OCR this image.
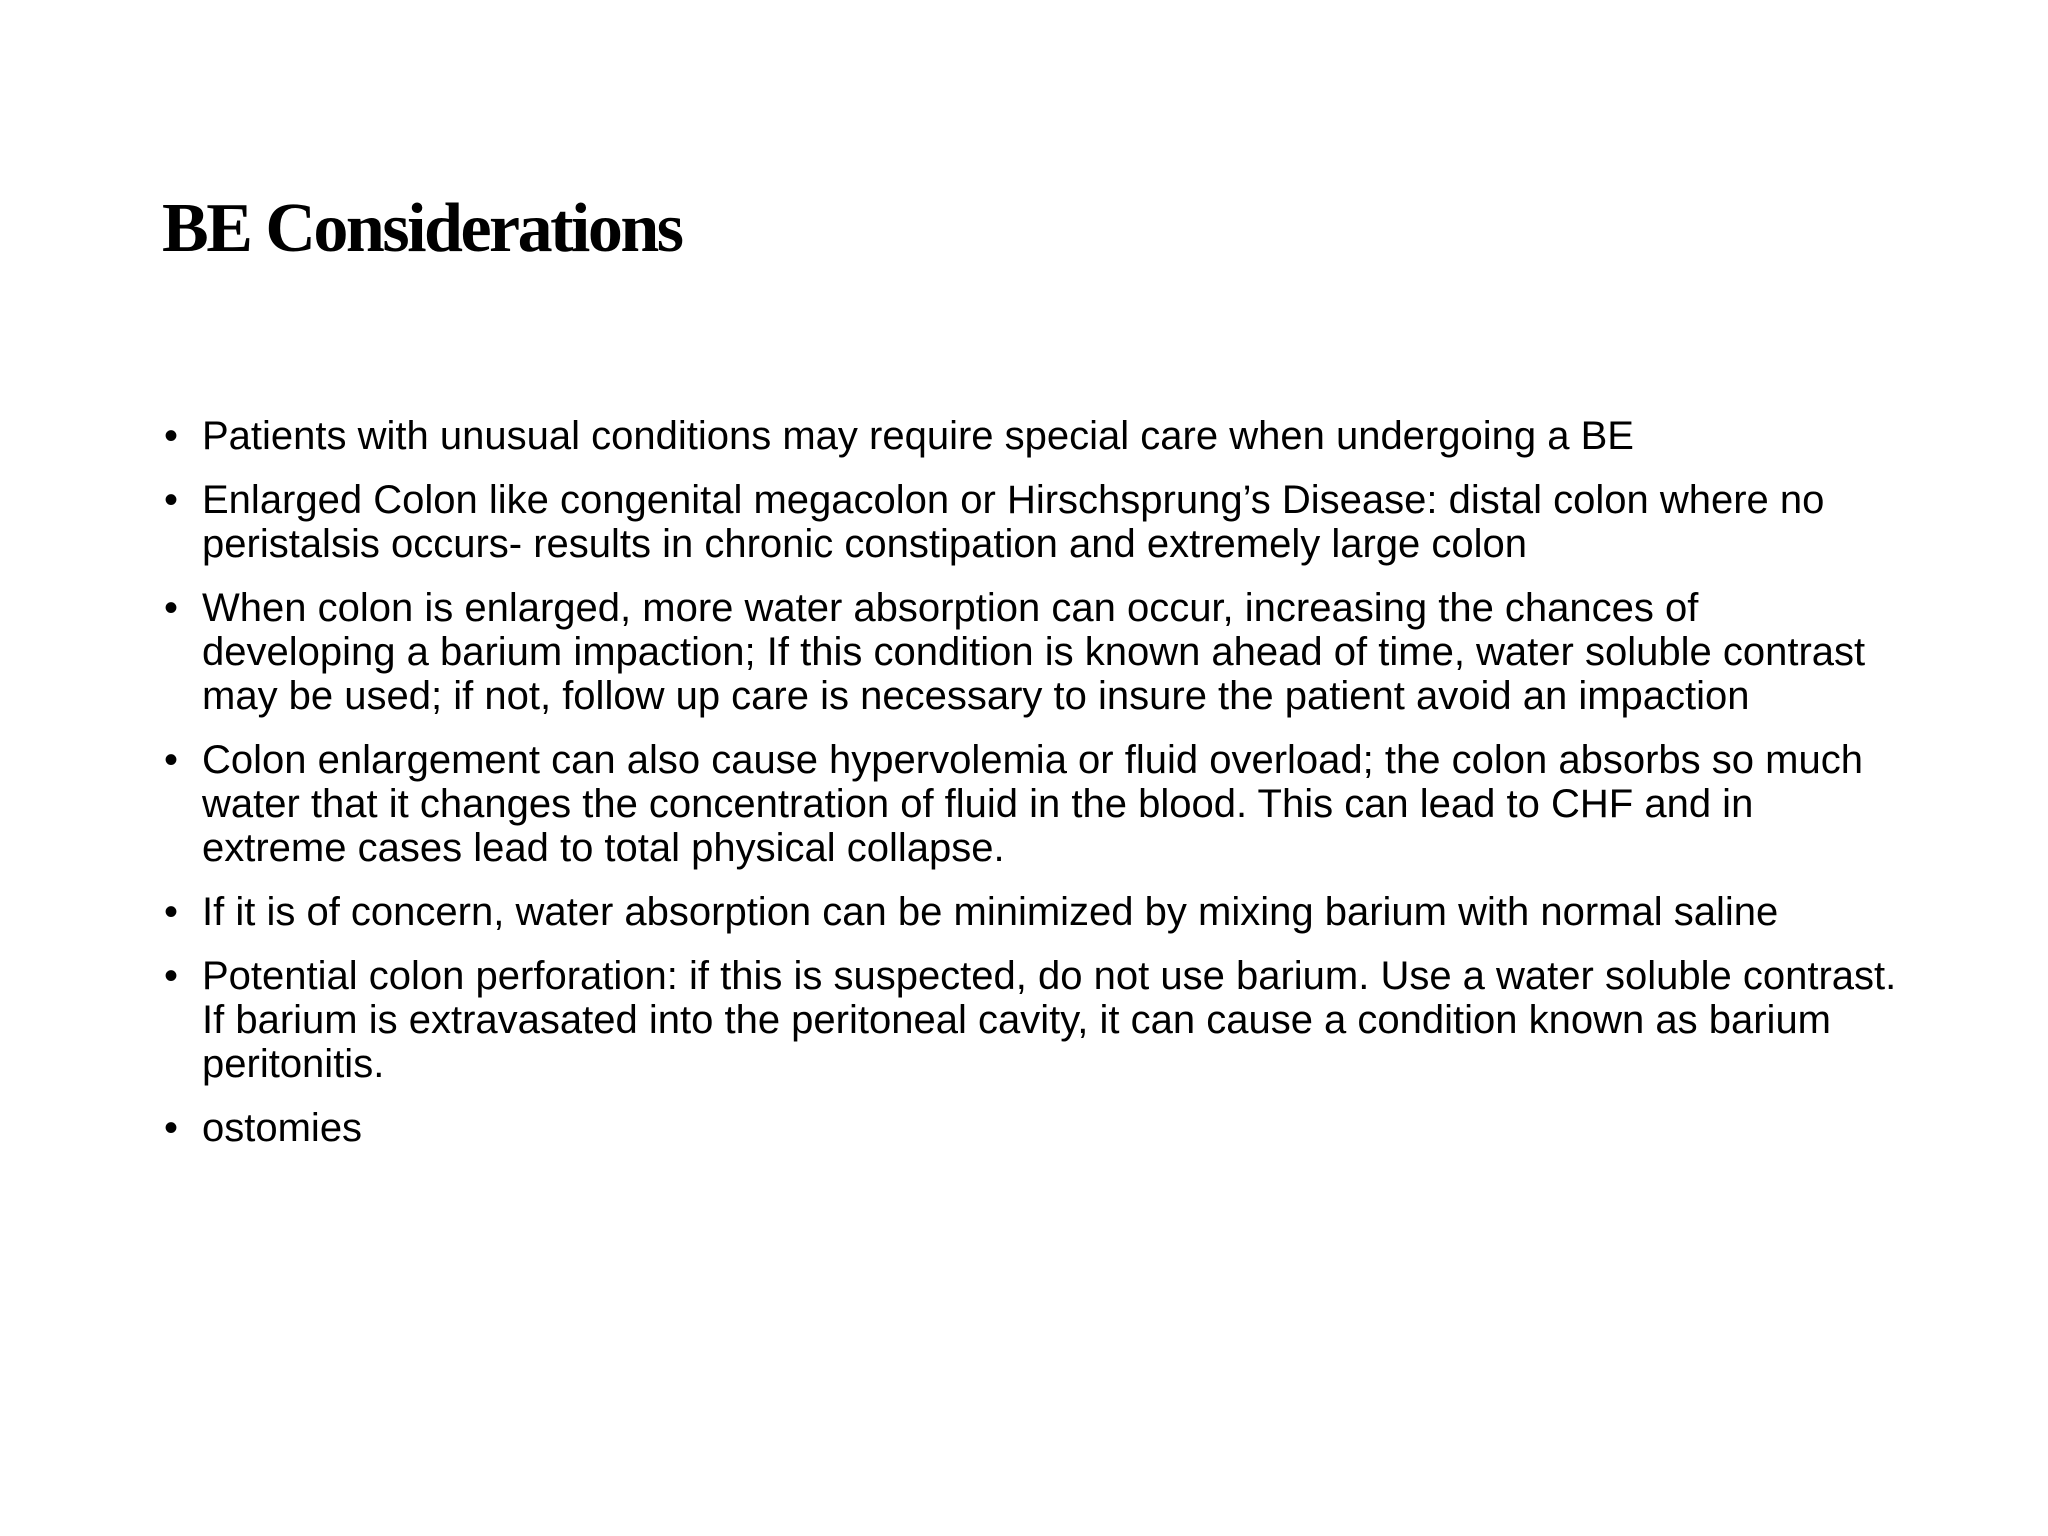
BE Considerations
• Patients with unusual conditions may require special care when undergoing a BE
• Enlarged Colon like congenital megacolon or Hirschsprung’s Disease: distal colon where no peristalsis occurs- results in chronic constipation and extremely large colon
• When colon is enlarged, more water absorption can occur, increasing the chances of developing a barium impaction; If this condition is known ahead of time, water soluble contrast may be used; if not, follow up care is necessary to insure the patient avoid an impaction
• Colon enlargement can also cause hypervolemia or fluid overload; the colon absorbs so much water that it changes the concentration of fluid in the blood. This can lead to CHF and in extreme cases lead to total physical collapse.
• If it is of concern, water absorption can be minimized by mixing barium with normal saline
• Potential colon perforation: if this is suspected, do not use barium. Use a water soluble contrast. If barium is extravasated into the peritoneal cavity, it can cause a condition known as barium peritonitis.
• ostomies
